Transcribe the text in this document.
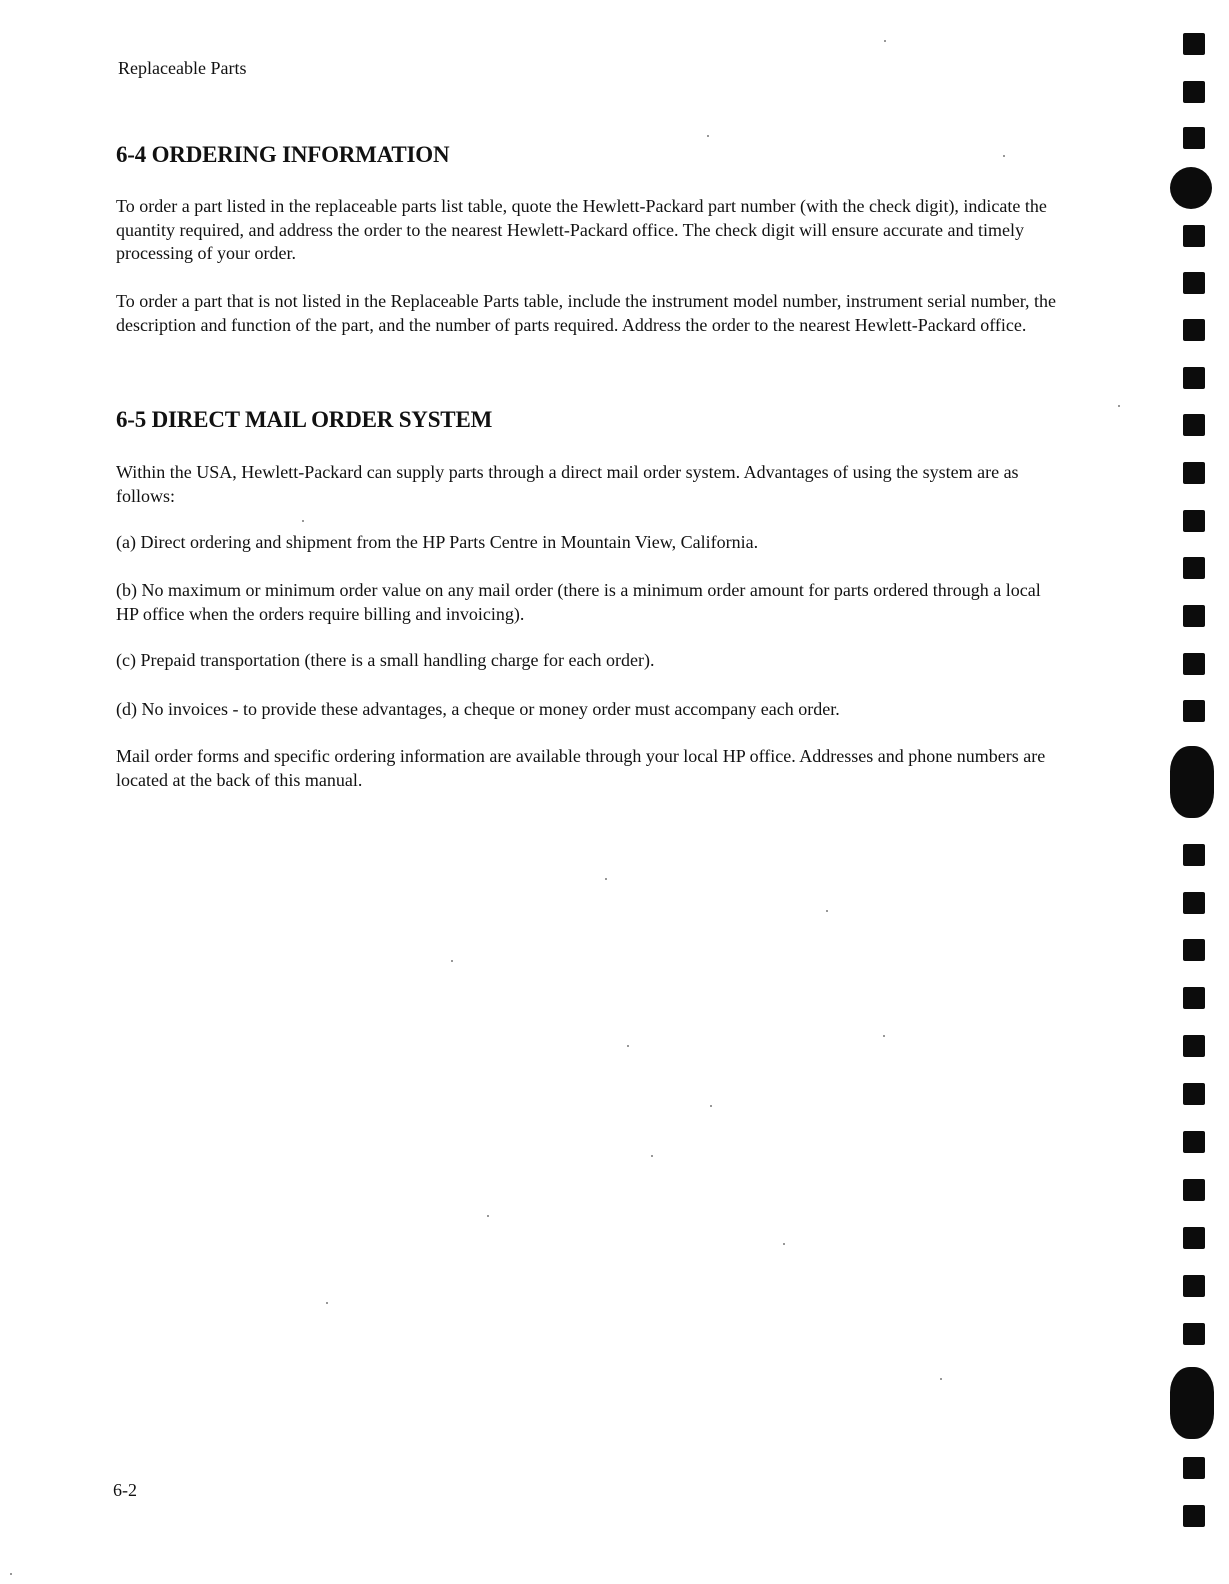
Replaceable Parts
6-4 ORDERING INFORMATION

To order a part listed in the replaceable parts list table, quote the Hewlett-Packard part number (with the check digit), indicate the quantity required, and address the order to the nearest Hewlett-Packard office. The check digit will ensure accurate and timely processing of your order.

To order a part that is not listed in the Replaceable Parts table, include the instrument model number, instrument serial number, the description and function of the part, and the number of parts required. Address the order to the nearest Hewlett-Packard office.

6-5 DIRECT MAIL ORDER SYSTEM

Within the USA, Hewlett-Packard can supply parts through a direct mail order system. Advantages of using the system are as follows:

(a) Direct ordering and shipment from the HP Parts Centre in Mountain View, California.

(b) No maximum or minimum order value on any mail order (there is a minimum order amount for parts ordered through a local HP office when the orders require billing and invoicing).

(c) Prepaid transportation (there is a small handling charge for each order).

(d) No invoices - to provide these advantages, a cheque or money order must accompany each order.

Mail order forms and specific ordering information are available through your local HP office. Addresses and phone numbers are located at the back of this manual.

6-2
